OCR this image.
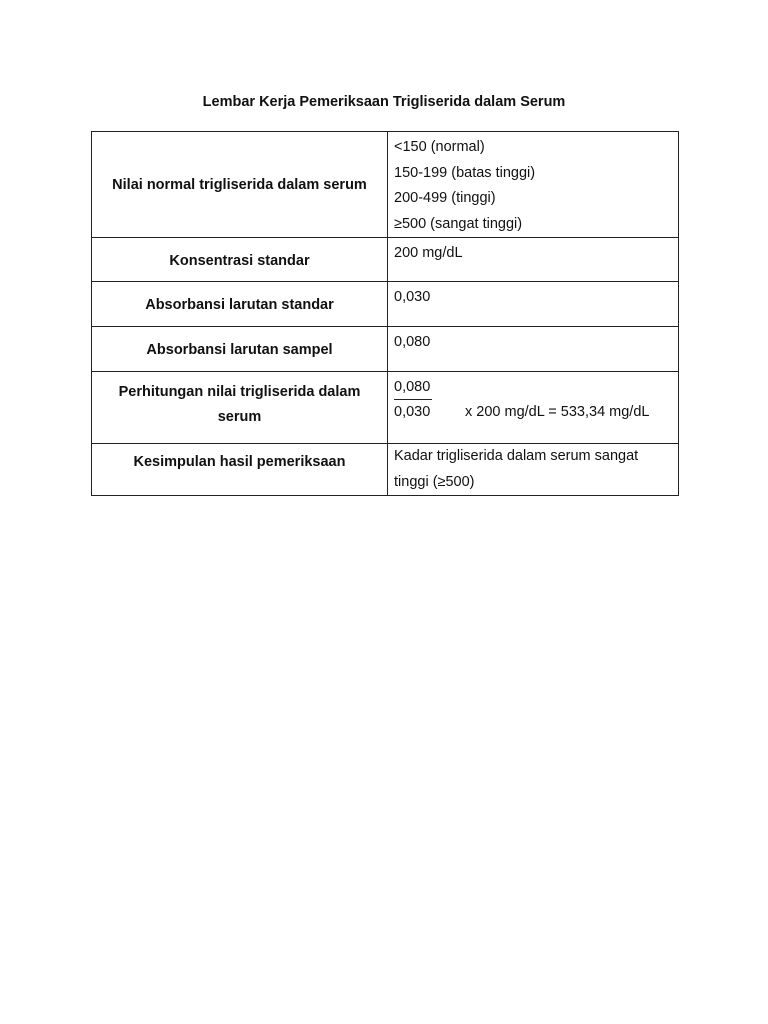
Lembar Kerja Pemeriksaan Trigliserida dalam Serum
Nilai normal trigliserida dalam serum	<150 (normal)
150-199 (batas tinggi)
200-499 (tinggi)
≥500 (sangat tinggi)

Konsentrasi standar	200 mg/dL
Absorbansi larutan standar	0,030
Absorbansi larutan sampel	0,080
Perhitungan nilai trigliserida dalam serum	0,080
0,030 x 200 mg/dL = 533,34 mg/dL

Kesimpulan hasil pemeriksaan	Kadar trigliserida dalam serum sangat tinggi (≥500)
